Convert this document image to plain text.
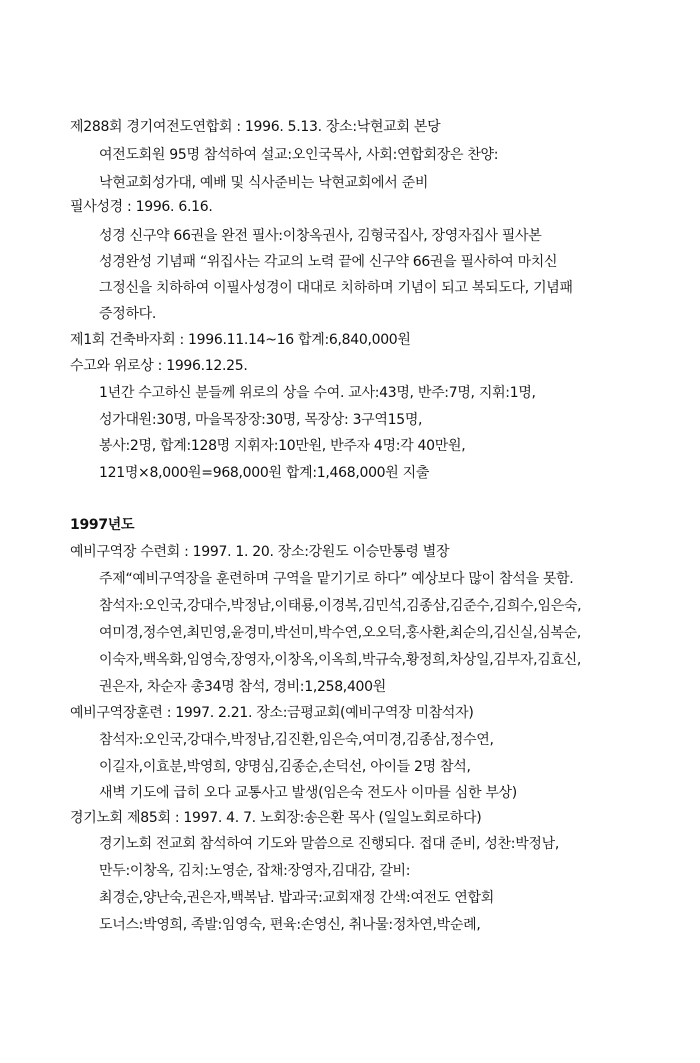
제288회 경기여전도연합회 : 1996. 5.13. 장소:낙현교회 본당
여전도회원 95명 참석하여 설교:오인국목사, 사회:연합회장은 찬양:
낙현교회성가대, 예배 및 식사준비는 낙현교회에서 준비
필사성경 : 1996. 6.16.
성경 신구약 66권을 완전 필사:이창옥권사, 김형국집사, 장영자집사 필사본
성경완성 기념패 “위집사는 각교의 노력 끝에 신구약 66권을 필사하여 마치신
그정신을 치하하여 이필사성경이 대대로 치하하며 기념이 되고 복되도다, 기념패
증정하다.
제1회 건축바자회 : 1996.11.14~16 합계:6,840,000원
수고와 위로상 : 1996.12.25.
1년간 수고하신 분들께 위로의 상을 수여. 교사:43명, 반주:7명, 지휘:1명,
성가대원:30명, 마을목장장:30명, 목장상: 3구역15명,
봉사:2명, 합계:128명 지휘자:10만원, 반주자 4명:각 40만원,
121명×8,000원=968,000원 합계:1,468,000원 지출
1997년도
예비구역장 수련회 : 1997. 1. 20. 장소:강원도 이승만통령 별장
주제“예비구역장을 훈련하며 구역을 맡기기로 하다” 예상보다 많이 참석을 못함.
참석자:오인국,강대수,박정남,이태룡,이경복,김민석,김종삼,김준수,김희수,임은숙,
여미경,정수연,최민영,윤경미,박선미,박수연,오오덕,홍사환,최순의,김신실,심복순,
이숙자,백옥화,임영숙,장영자,이창옥,이옥희,박규숙,황정희,차상일,김부자,김효신,
권은자, 차순자 총34명 참석, 경비:1,258,400원
예비구역장훈련 : 1997. 2.21. 장소:금평교회(예비구역장 미참석자)
참석자:오인국,강대수,박정남,김진환,임은숙,여미경,김종삼,정수연,
이길자,이효분,박영희, 양명심,김종순,손덕선, 아이들 2명 참석,
새벽 기도에 급히 오다 교통사고 발생(임은숙 전도사 이마를 심한 부상)
경기노회 제85회 : 1997. 4. 7. 노회장:송은환 목사 (일일노회로하다)
경기노회 전교회 참석하여 기도와 말씀으로 진행되다. 접대 준비, 성찬:박정남,
만두:이창옥, 김치:노영순, 잡채:장영자,김대감, 갈비:
최경순,양난숙,권은자,백복남. 밥과국:교회재정 간색:여전도 연합회
도너스:박영희, 족발:임영숙, 편육:손영신, 취나물:정차연,박순례,
